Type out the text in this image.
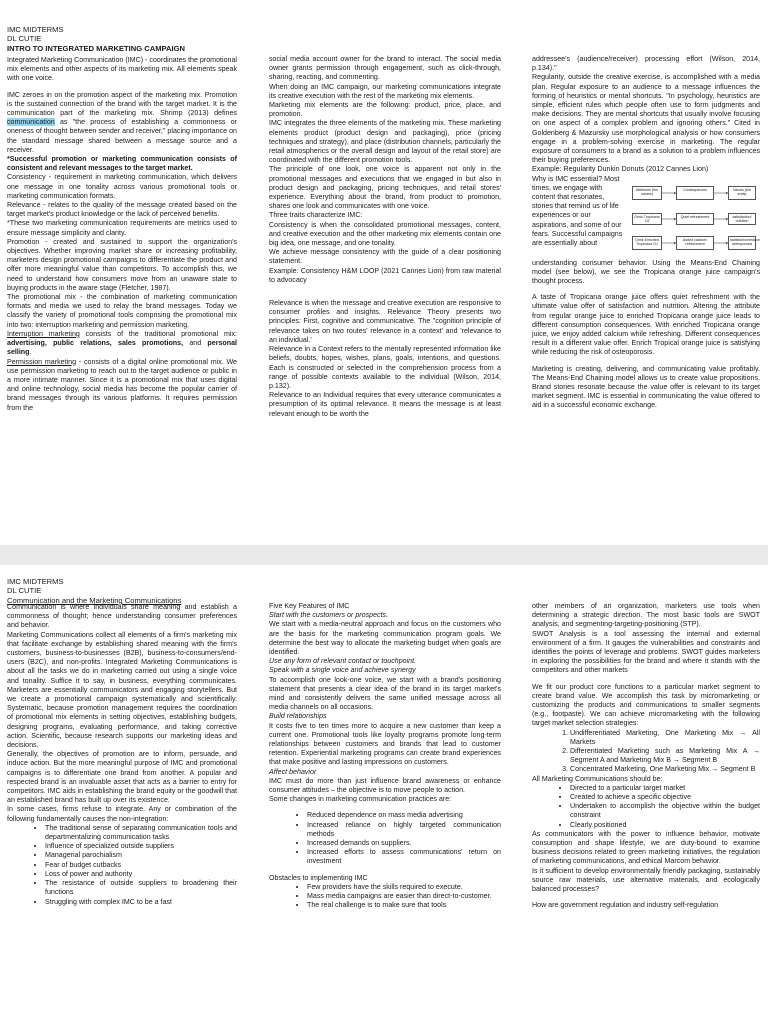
IMC MIDTERMS
DL CUTIE
INTRO TO INTEGRATED MARKETING CAMPAIGN

Integrated Marketing Communication (IMC) - coordinates the promotional mix elements and other aspects of its marketing mix. All elements speak with one voice.

IMC zeroes in on the promotion aspect of the marketing mix. Promotion is the sustained connection of the brand with the target market. It is the communication part of the marketing mix. Shrimp (2013) defines communication as "the process of establishing a commonness or oneness of thought between sender and receiver," placing importance on the standard message shared between a message source and a receiver.

*Successful promotion or marketing communication consists of consistent and relevant messages to the target market.

Consistency - requirement in marketing communication, which delivers one message in one tonality across various promotional tools or marketing communication formats.

Relevance - relates to the quality of the message created based on the target market's product knowledge or the lack of perceived benefits.

*These two marketing communication requirements are metrics used to ensure message simplicity and clarity.

Promotion - created and sustained to support the organization's objectives. Whether improving market share or increasing profitability, marketers design promotional campaigns to differentiate the product and offer more meaningful value than competitors. To accomplish this, we need to understand how consumers move from an unaware state to buying products in the aware stage (Fletcher, 1987).

The promotional mix - the combination of marketing communication formats and media we used to relay the brand messages. Today we classify the variety of promotional tools comprising the promotional mix into two: interruption marketing and permission marketing.

Interruption marketing consists of the traditional promotional mix: advertising, public relations, sales promotions, and personal selling.

Permission marketing - consists of a digital online promotional mix. We use permission marketing to reach out to the target audience or public in a more intimate manner. Since it is a promotional mix that uses digital and online technology, social media has become the popular carrier of brand messages through its various platforms. It requires permission from the

social media account owner for the brand to interact. The social media owner grants permission through engagement, such as click-through, sharing, reacting, and commenting.

When doing an IMC campaign, our marketing communications integrate its creative execution with the rest of the marketing mix elements.

Marketing mix elements are the following: product, price, place, and promotion.

IMC integrates the three elements of the marketing mix. These marketing elements product (product design and packaging), price (pricing techniques and strategy), and place (distribution channels, particularly the retail atmospherics or the overall design and layout of the retail store) are coordinated with the different promotion tools.

The principle of one look, one voice is apparent not only in the promotional messages and executions that we engaged in but also in product design and packaging, pricing techniques, and retail stores' experience. Everything about the brand, from product to promotion, shares one look and communicates with one voice.

Three traits characterize IMC:

Consistency is when the consolidated promotional messages, content, and creative execution and the other marketing mix elements contain one big idea, one message, and one tonality.

We achieve message consistency with the guide of a clear positioning statement.

Example: Consistency H&M LOOP (2021 Cannes Lion) from raw material to advocacy

Relevance is when the message and creative execution are responsive to consumer profiles and insights. Relevance Theory presents two principles: First, cognitive and communicative. The "cognition principle of relevance takes on two routes' relevance in a context' and 'relevance to an individual.'

Relevance in a Context refers to the mentally represented information like beliefs, doubts, hopes, wishes, plans, goals, intentions, and questions. Each is constructed or selected in the comprehension process from a range of possible contexts available to the individual (Wilson, 2014, p.132).

Relevance to an Individual requires that every utterance communicates a presumption of its optimal relevance. It means the message is at least relevant enough to be worth the

addressee's (audience/receiver) processing effort (Wilson, 2014, p.134)."

Regularity, outside the creative exercise, is accomplished with a media plan. Regular exposure to an audience to a message influences the forming of heuristics or mental shortcuts. "In psychology, heuristics are simple, efficient rules which people often use to form judgments and make decisions. They are mental shortcuts that usually involve focusing on one aspect of a complex problem and ignoring others." Cited in Goldenberg & Mazursky use morphological analysis or how consumers engage in a problem-solving exercise in marketing. The regular exposure of consumers to a brand as a solution to a problem influences their buying preferences.

Example: Regularity Dunkin Donuts (2012 Cannes Lion)

Why is IMC essential? Most times, we engage with content that resonates, stories that remind us of life experiences or our aspirations, and some of our fears. Successful campaigns are essentially about

Attributes (the means)
Consequences	Values (the ends)
Drink Tropicana OJ
Quiet refreshment	satisfaction/ nutrition
Drink Enriched Tropicana OJ
Added calcium/ refreshment
satisfaction/reduce osteoporosis

understanding consumer behavior. Using the Means-End Chaining model (see below), we see the Tropicana orange juice campaign's thought process.

A taste of Tropicana orange juice offers quiet refreshment with the ultimate value offer of satisfaction and nutrition. Altering the attribute from regular orange juice to enriched Tropicana orange juice leads to different consumption consequences. With enriched Tropicana orange juice, we enjoy added calcium while refreshing. Different consequences result in a different value offer. Enrich Tropical orange juice is satisfying while reducing the risk of osteoporosis.

Marketing is creating, delivering, and communicating value profitably. The Means-End Chaining model allows us to create value propositions. Brand stories resonate because the value offer is relevant to its target market segment. IMC is essential in communicating the value offered to aid in a successful economic exchange.

IMC MIDTERMS
DL CUTIE
Communication and the Marketing Communications

Communication is where individuals share meaning and establish a commonness of thought; hence understanding consumer preferences and behavior.

Marketing Communications collect all elements of a firm's marketing mix that facilitate exchange by establishing shared meaning with the firm's customers, business-to-businesses (B2B), business-to-consumers/end-users (B2C), and non-profits. Integrated Marketing Communications is about all the tasks we do in marketing carried out using a single voice and tonality. Suffice it to say, in business, everything communicates. Marketers are essentially communicators and engaging storytellers. But we create a promotional campaign systematically and scientifically. Systematic, because promotion management requires the coordination of promotional mix elements in setting objectives, establishing budgets, designing programs, evaluating performance, and taking corrective action. Scientific, because research supports our marketing ideas and decisions.

Generally, the objectives of promotion are to inform, persuade, and induce action. But the more meaningful purpose of IMC and promotional campaigns is to differentiate one brand from another. A popular and respected brand is an invaluable asset that acts as a barrier to entry for competitors. IMC aids in establishing the brand equity or the goodwill that an established brand has built up over its existence.

In some cases, firms refuse to integrate. Any or combination of the following fundamentally causes the non-integration:

• The traditional sense of separating communication tools and departmentalizing communication tasks
• Influence of specialized outside suppliers
• Managerial parochialism
• Fear of budget cutbacks
• Loss of power and authority
• The resistance of outside suppliers to broadening their functions
• Struggling with complex IMC to be a fast

Five Key Features of IMC

Start with the customers or prospects.

We start with a media-neutral approach and focus on the customers who are the basis for the marketing communication program goals. We determine the best way to allocate the marketing budget when goals are identified.

Use any form of relevant contact or touchpoint.

Speak with a single voice and achieve synergy

To accomplish one look-one voice, we start with a brand's positioning statement that presents a clear idea of the brand in its target market's mind and consistently delivers the same unified message across all media channels on all occasions.

Build relationships

It costs five to ten times more to acquire a new customer than keep a current one. Promotional tools like loyalty programs promote long-term relationships between customers and brands that lead to customer retention. Experiential marketing programs can create brand experiences that make positive and lasting impressions on customers.

Affect behavior

IMC must do more than just influence brand awareness or enhance consumer attitudes – the objective is to move people to action.

Some changes in marketing communication practices are:

• Reduced dependence on mass media advertising
• Increased reliance on highly targeted communication methods
• Increased demands on suppliers.
• Increased efforts to assess communications' return on investment

Obstacles to implementing IMC

• Few providers have the skills required to execute.
• Mass media campaigns are easier than direct-to-customer.
• The real challenge is to make sure that tools

other members of an organization, marketers use tools when determining a strategic direction. The most basic tools are SWOT analysis, and segmenting-targeting-positioning (STP).

SWOT Analysis is a tool assessing the internal and external environment of a firm. It gauges the vulnerabilities and constraints and identifies the points of leverage and problems. SWOT guides marketers in exploring the possibilities for the brand and where it stands with the competitors and other markets

We fit our product core functions to a particular market segment to create brand value. We accomplish this task by micromarketing or customizing the products and communications to smaller segments (e.g., footpaste). We can achieve micromarketing with the following target market selection strategies:

1. Undifferentiated Marketing, One Marketing Mix → All Markets
2. Differentiated Marketing such as Marketing Mix A → Segment A and Marketing Mix B → Segment B
3. Concentrated Marketing, One Marketing Mix → Segment B

All Marketing Communications should be:

• Directed to a particular target market
• Created to achieve a specific objective
• Undertaken to accomplish the objective within the budget constraint
• Clearly positioned

As communicators with the power to influence behavior, motivate consumption and shape lifestyle, we are duty-bound to examine business decisions related to green marketing initiatives, the regulation of marketing communications, and ethical Marcom behavior.

Is it sufficient to develop environmentally friendly packaging, sustainably source raw materials, use alternative materials, and ecologically balanced processes?

How are government regulation and industry self-regulation
